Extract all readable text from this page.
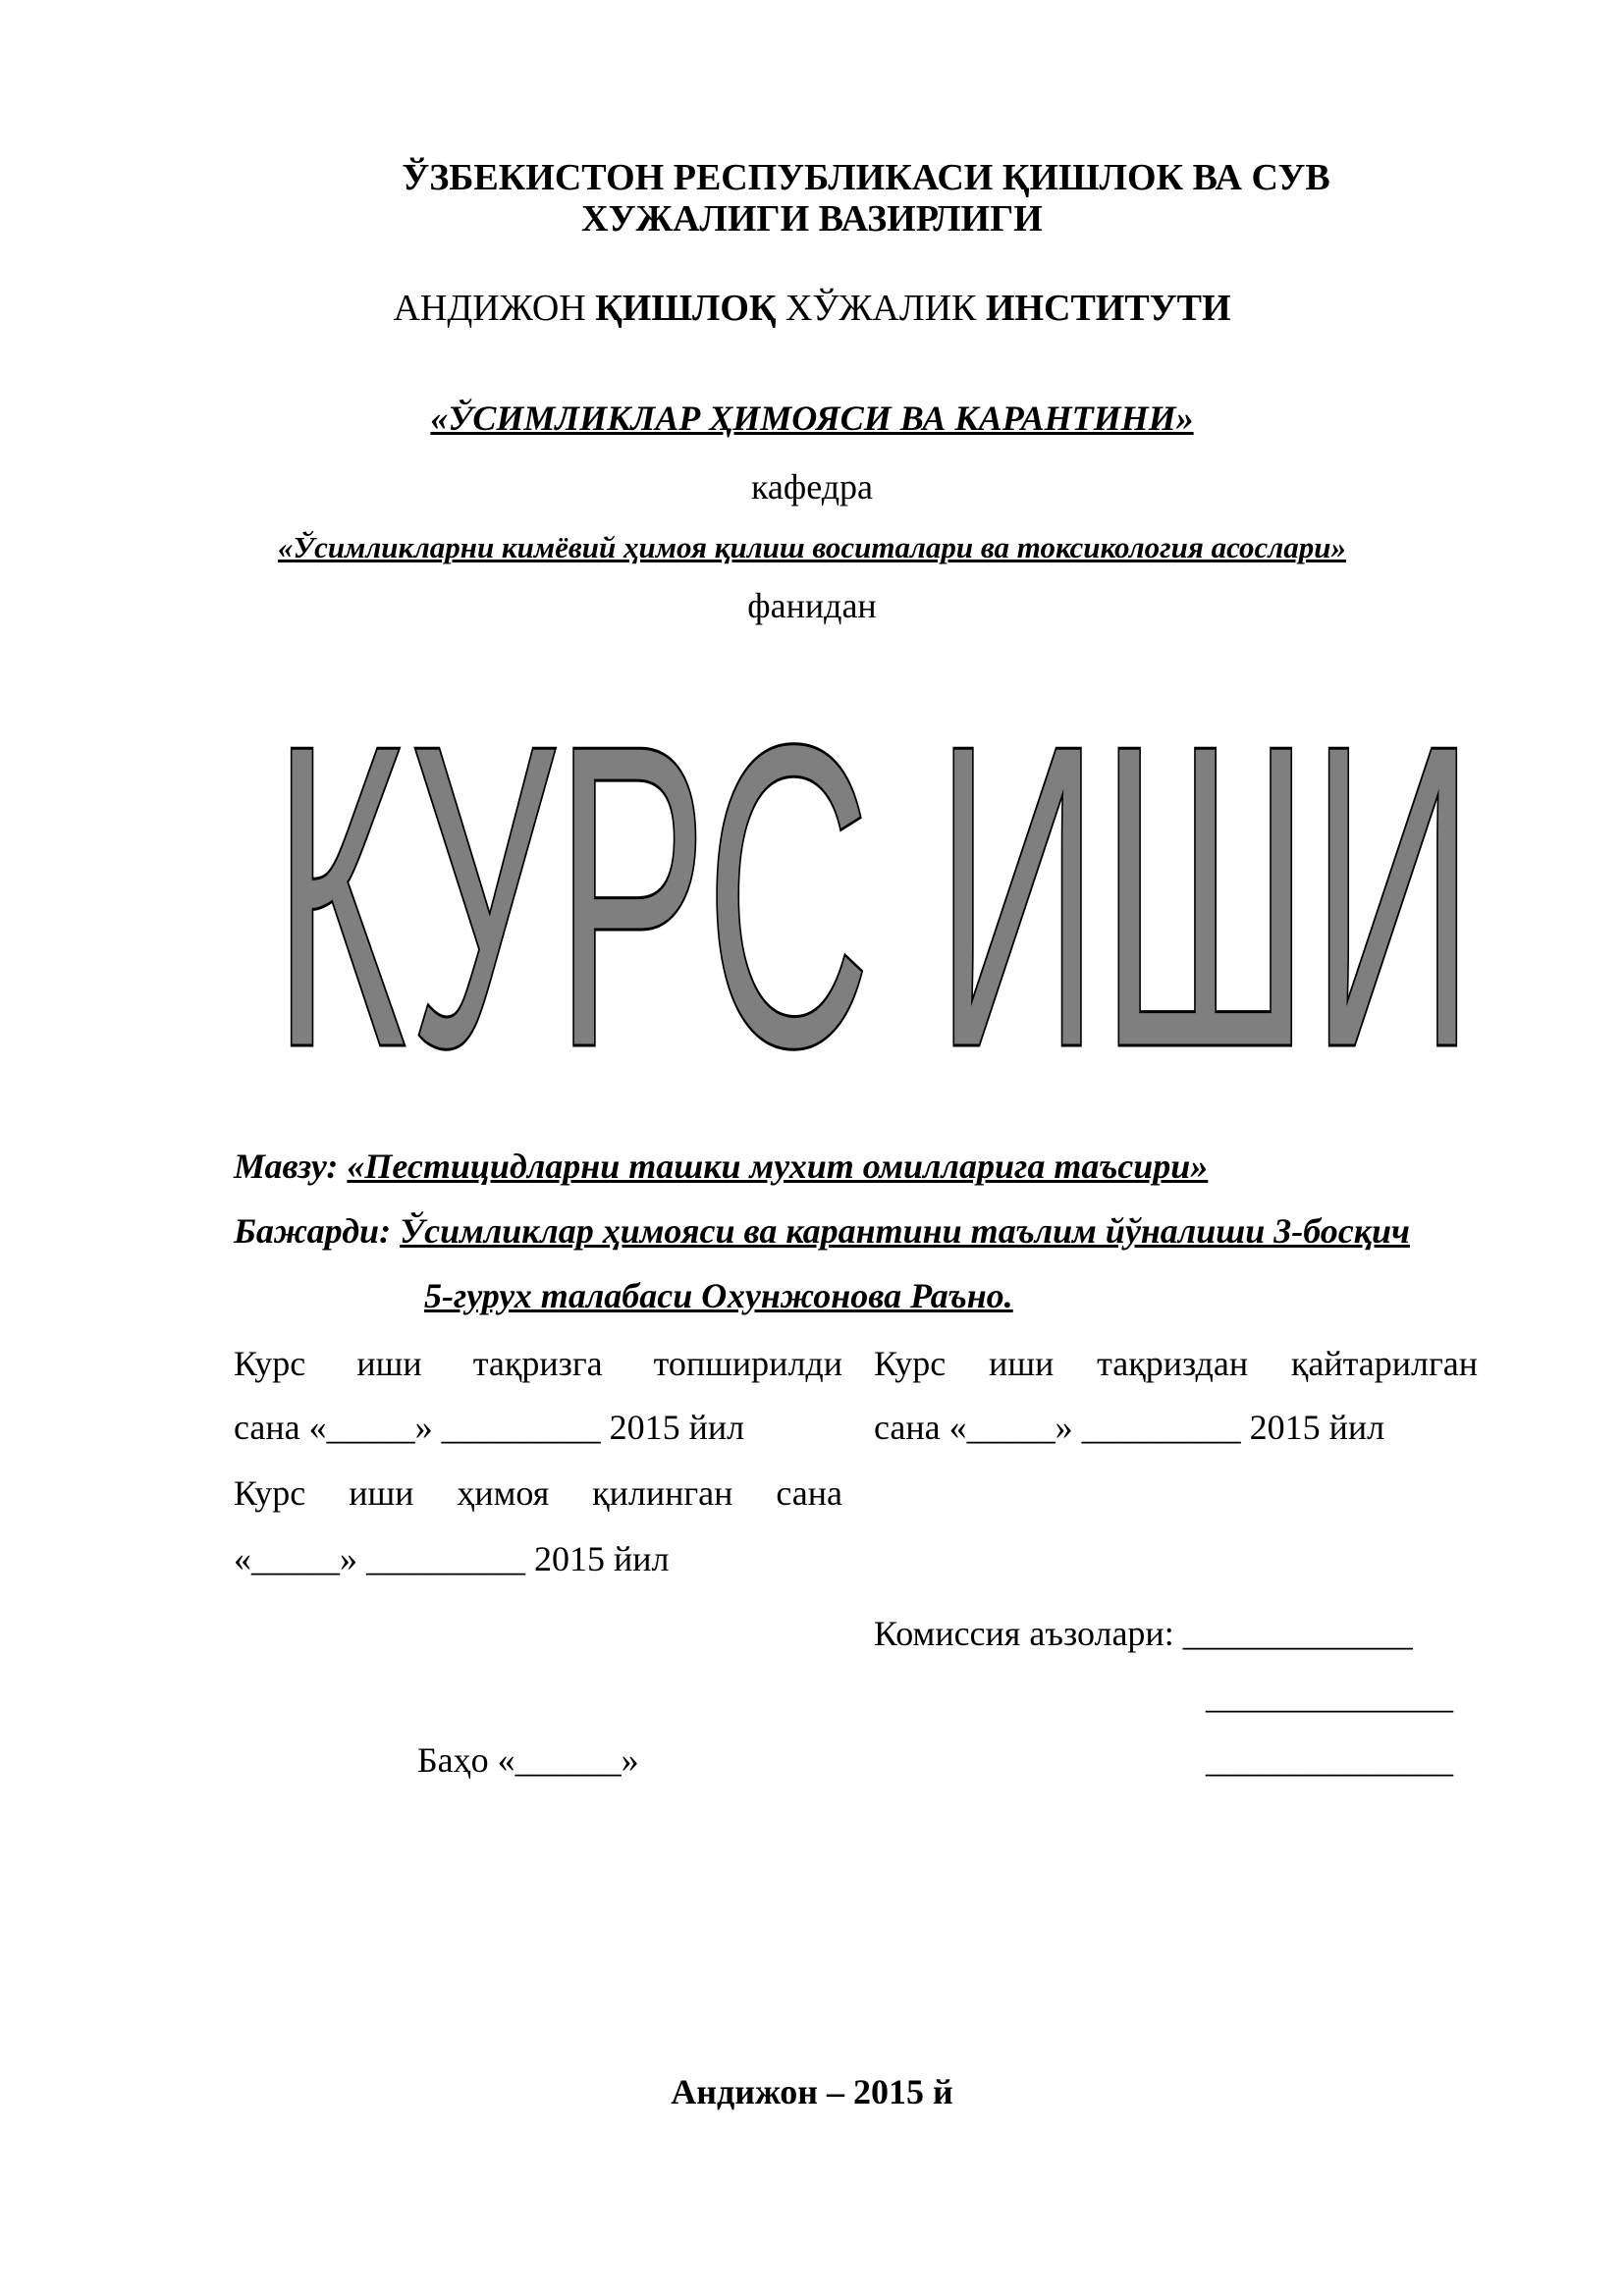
ЎЗБЕКИСТОН РЕСПУБЛИКАСИ ҚИШЛОК ВА СУВ
ХУЖАЛИГИ ВАЗИРЛИГИ
АНДИЖОН ҚИШЛОҚ ХЎЖАЛИК ИНСТИТУТИ
«ЎСИМЛИКЛАР ҲИМОЯСИ ВА КАРАНТИНИ»
кафедра
«Ўсимликларни кимёвий ҳимоя қилиш воситалари ва токсикология асослари»
фанидан
КУРС ИШИ
Мавзу: «Пестицидларни ташки мухит омилларига таъсири»
Бажарди: Ўсимликлар ҳимояси ва карантини таълим йўналиши 3-босқич
5-гурух талабаси Охунжонова Раъно.
Курс иши тақризга топширилди
сана «_____» _________ 2015 йил
Курс иши тақриздан қайтарилган
сана «_____» _________ 2015 йил
Курс иши ҳимоя қилинган сана
«_____» _________ 2015 йил
Комиссия аъзолари: _____________
______________
Баҳо «______»	______________
Андижон – 2015 й
